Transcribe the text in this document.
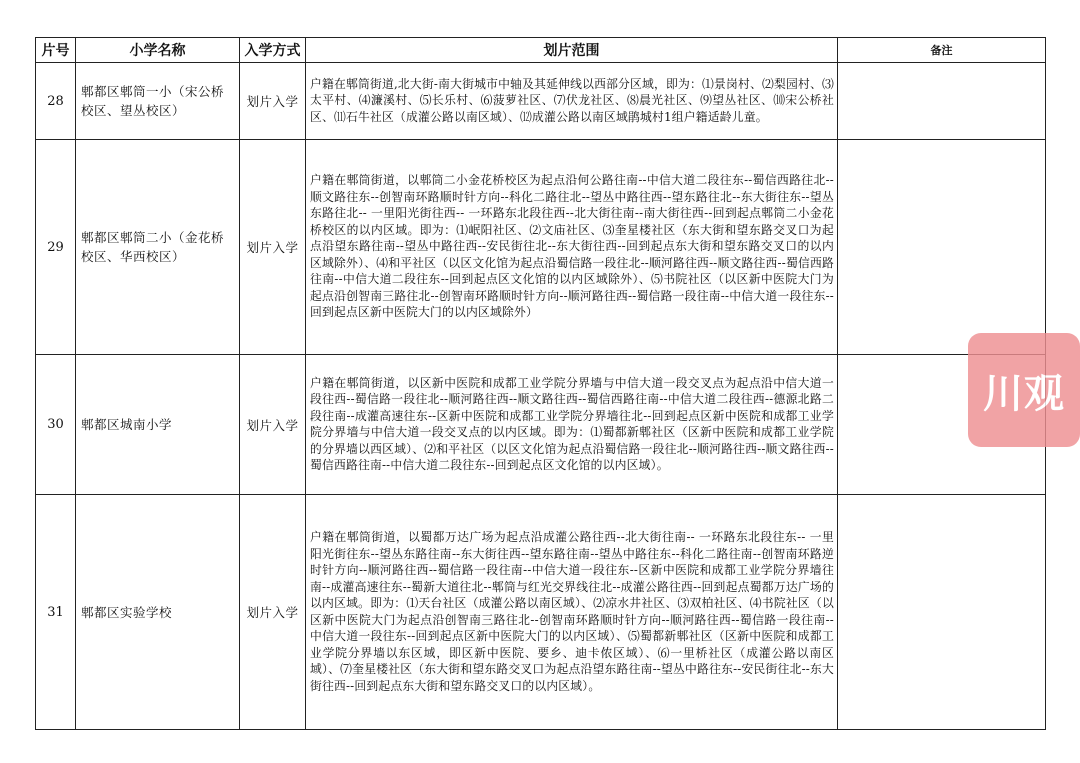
片号	小学名称	入学方式	划片范围	备注
28	郫都区郫筒一小（宋公桥校区、望丛校区）	划片入学	户籍在郫筒街道,北大街-南大街城市中轴及其延伸线以西部分区域，即为：⑴景岗村、⑵梨园村、⑶太平村、⑷濂溪村、⑸长乐村、⑹菠萝社区、⑺伏龙社区、⑻晨光社区、⑼望丛社区、⑽宋公桥社区、⑾石牛社区（成灌公路以南区域）、⑿成灌公路以南区域鹃城村1组户籍适龄儿童。	
29	郫都区郫筒二小（金花桥校区、华西校区）	划片入学	户籍在郫筒街道，以郫筒二小金花桥校区为起点沿何公路往南--中信大道二段往东--蜀信西路往北--顺文路往东--创智南环路顺时针方向--科化二路往北--望丛中路往西--望东路往北--东大街往东--望丛东路往北-- 一里阳光街往西-- 一环路东北段往西--北大街往南--南大街往西--回到起点郫筒二小金花桥校区的以内区域。即为：⑴岷阳社区、⑵文庙社区、⑶奎星楼社区（东大街和望东路交叉口为起点沿望东路往南--望丛中路往西--安民街往北--东大街往西--回到起点东大街和望东路交叉口的以内区域除外）、⑷和平社区（以区文化馆为起点沿蜀信路一段往北--顺河路往西--顺文路往西--蜀信西路往南--中信大道二段往东--回到起点区文化馆的以内区域除外）、⑸书院社区（以区新中医院大门为起点沿创智南三路往北--创智南环路顺时针方向--顺河路往西--蜀信路一段往南--中信大道一段往东--回到起点区新中医院大门的以内区域除外）	
30	郫都区城南小学	划片入学	户籍在郫筒街道，以区新中医院和成都工业学院分界墙与中信大道一段交叉点为起点沿中信大道一段往西--蜀信路一段往北--顺河路往西--顺文路往西--蜀信西路往南--中信大道二段往西--德源北路二段往南--成灌高速往东--区新中医院和成都工业学院分界墙往北--回到起点区新中医院和成都工业学院分界墙与中信大道一段交叉点的以内区域。即为：⑴蜀都新郫社区（区新中医院和成都工业学院的分界墙以西区域）、⑵和平社区（以区文化馆为起点沿蜀信路一段往北--顺河路往西--顺文路往西--蜀信西路往南--中信大道二段往东--回到起点区文化馆的以内区域）。	
31	郫都区实验学校	划片入学	户籍在郫筒街道，以蜀都万达广场为起点沿成灌公路往西--北大街往南-- 一环路东北段往东-- 一里阳光街往东--望丛东路往南--东大街往西--望东路往南--望丛中路往东--科化二路往南--创智南环路逆时针方向--顺河路往西--蜀信路一段往南--中信大道一段往东--区新中医院和成都工业学院分界墙往南--成灌高速往东--蜀新大道往北--郫筒与红光交界线往北--成灌公路往西--回到起点蜀都万达广场的以内区域。即为：⑴天台社区（成灌公路以南区域）、⑵凉水井社区、⑶双柏社区、⑷书院社区（以区新中医院大门为起点沿创智南三路往北--创智南环路顺时针方向--顺河路往西--蜀信路一段往南--中信大道一段往东--回到起点区新中医院大门的以内区域）、⑸蜀都新郫社区（区新中医院和成都工业学院分界墙以东区域，即区新中医院、要乡、迪卡侬区域）、⑹一里桥社区（成灌公路以南区域）、⑺奎星楼社区（东大街和望东路交叉口为起点沿望东路往南--望丛中路往东--安民街往北--东大街往西--回到起点东大街和望东路交叉口的以内区域）。	
川观
